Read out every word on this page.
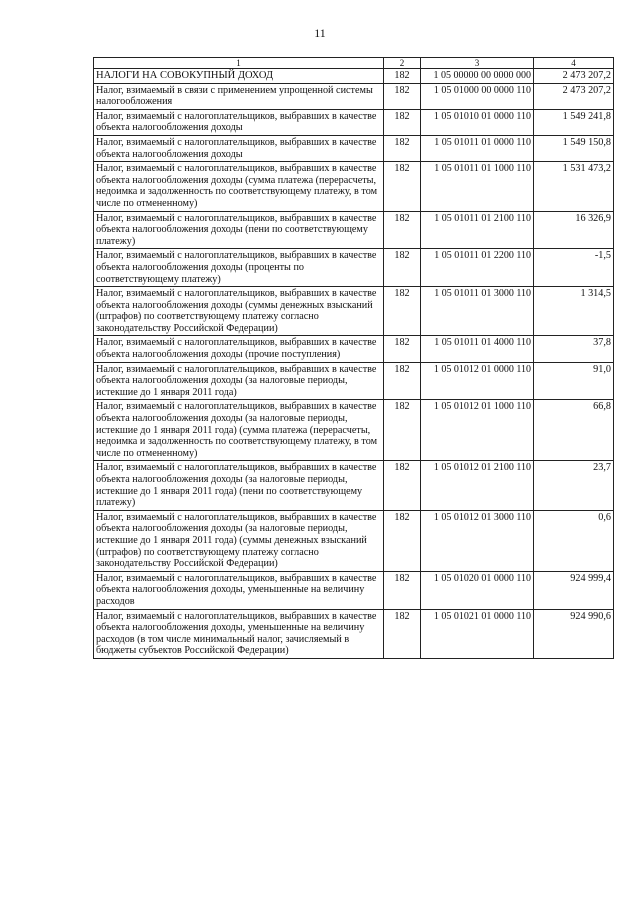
11
1	2	3	4
НАЛОГИ НА СОВОКУПНЫЙ ДОХОД	182	1 05 00000 00 0000 000	2 473 207,2
Налог, взимаемый в связи с применением упрощенной системы налогообложения	182	1 05 01000 00 0000 110	2 473 207,2
Налог, взимаемый с налогоплательщиков, выбравших в качестве объекта налогообложения доходы	182	1 05 01010 01 0000 110	1 549 241,8
Налог, взимаемый с налогоплательщиков, выбравших в качестве объекта налогообложения доходы	182	1 05 01011 01 0000 110	1 549 150,8
Налог, взимаемый с налогоплательщиков, выбравших в качестве объекта налогообложения доходы (сумма платежа (перерасчеты, недоимка и задолженность по соответствующему платежу, в том числе по отмененному)	182	1 05 01011 01 1000 110	1 531 473,2
Налог, взимаемый с налогоплательщиков, выбравших в качестве объекта налогообложения доходы (пени по соответствующему платежу)	182	1 05 01011 01 2100 110	16 326,9
Налог, взимаемый с налогоплательщиков, выбравших в качестве объекта налогообложения доходы (проценты по соответствующему платежу)	182	1 05 01011 01 2200 110	-1,5
Налог, взимаемый с налогоплательщиков, выбравших в качестве объекта налогообложения доходы (суммы денежных взысканий (штрафов) по соответствующему платежу согласно законодательству Российской Федерации)	182	1 05 01011 01 3000 110	1 314,5
Налог, взимаемый с налогоплательщиков, выбравших в качестве объекта налогообложения доходы (прочие поступления)	182	1 05 01011 01 4000 110	37,8
Налог, взимаемый с налогоплательщиков, выбравших в качестве объекта налогообложения доходы (за налоговые периоды, истекшие до 1 января 2011 года)	182	1 05 01012 01 0000 110	91,0
Налог, взимаемый с налогоплательщиков, выбравших в качестве объекта налогообложения доходы (за налоговые периоды, истекшие до 1 января 2011 года) (сумма платежа (перерасчеты, недоимка и задолженность по соответствующему платежу, в том числе по отмененному)	182	1 05 01012 01 1000 110	66,8
Налог, взимаемый с налогоплательщиков, выбравших в качестве объекта налогообложения доходы (за налоговые периоды, истекшие до 1 января 2011 года) (пени по соответствующему платежу)	182	1 05 01012 01 2100 110	23,7
Налог, взимаемый с налогоплательщиков, выбравших в качестве объекта налогообложения доходы (за налоговые периоды, истекшие до 1 января 2011 года) (суммы денежных взысканий (штрафов) по соответствующему платежу согласно законодательству Российской Федерации)	182	1 05 01012 01 3000 110	0,6
Налог, взимаемый с налогоплательщиков, выбравших в качестве объекта налогообложения доходы, уменьшенные на величину расходов	182	1 05 01020 01 0000 110	924 999,4
Налог, взимаемый с налогоплательщиков, выбравших в качестве объекта налогообложения доходы, уменьшенные на величину расходов (в том числе минимальный налог, зачисляемый в бюджеты субъектов Российской Федерации)	182	1 05 01021 01 0000 110	924 990,6
